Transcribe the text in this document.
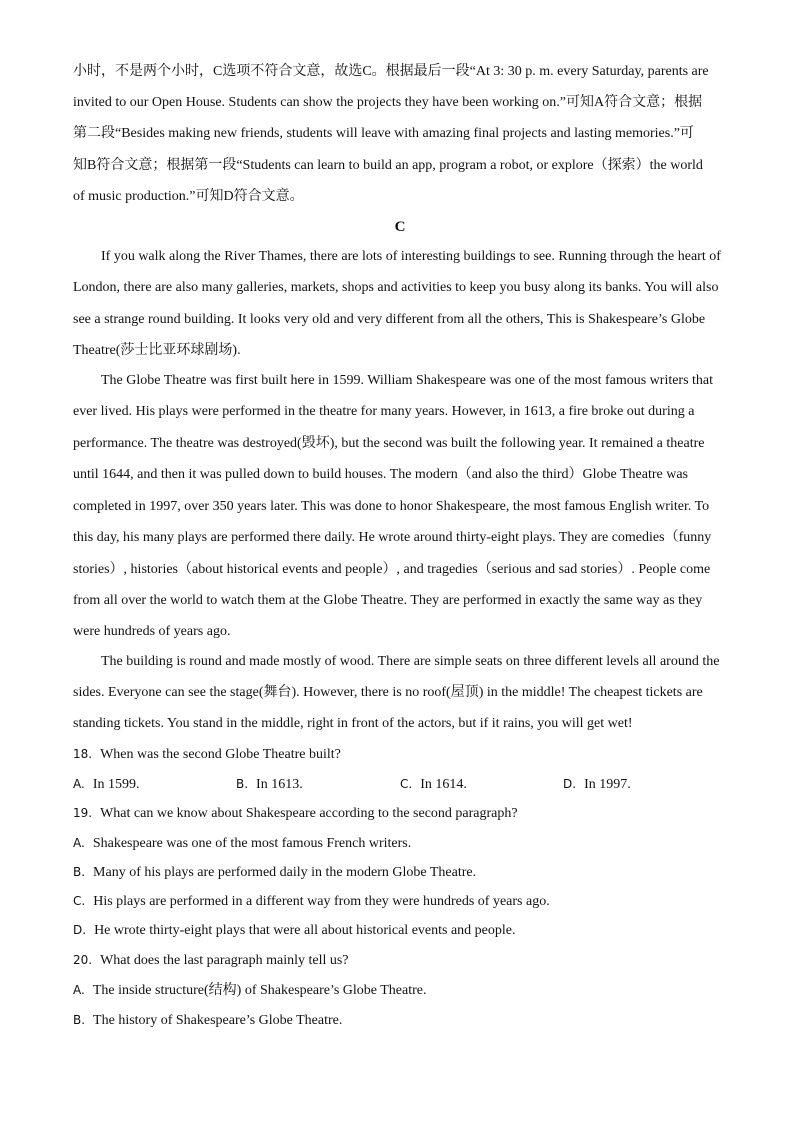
小时，不是两个小时，C选项不符合文意，故选C。根据最后一段“At 3: 30 p. m. every Saturday, parents are
invited to our Open House. Students can show the projects they have been working on.”可知A符合文意；根据
第二段“Besides making new friends, students will leave with amazing final projects and lasting memories.”可
知B符合文意；根据第一段“Students can learn to build an app, program a robot, or explore（探索）the world
of music production.”可知D符合文意。
C
If you walk along the River Thames, there are lots of interesting buildings to see. Running through the heart of
London, there are also many galleries, markets, shops and activities to keep you busy along its banks. You will also
see a strange round building. It looks very old and very different from all the others, This is Shakespeare’s Globe
Theatre(莎士比亚环球剧场).
The Globe Theatre was first built here in 1599. William Shakespeare was one of the most famous writers that
ever lived. His plays were performed in the theatre for many years. However, in 1613, a fire broke out during a
performance. The theatre was destroyed(毁坏), but the second was built the following year. It remained a theatre
until 1644, and then it was pulled down to build houses. The modern（and also the third）Globe Theatre was
completed in 1997, over 350 years later. This was done to honor Shakespeare, the most famous English writer. To
this day, his many plays are performed there daily. He wrote around thirty-eight plays. They are comedies（funny
stories）, histories（about historical events and people）, and tragedies（serious and sad stories）. People come
from all over the world to watch them at the Globe Theatre. They are performed in exactly the same way as they
were hundreds of years ago.
The building is round and made mostly of wood. There are simple seats on three different levels all around the
sides. Everyone can see the stage(舞台). However, there is no roof(屋顶) in the middle! The cheapest tickets are
standing tickets. You stand in the middle, right in front of the actors, but if it rains, you will get wet!
18. When was the second Globe Theatre built?
A. In 1599.	B. In 1613.	C. In 1614.	D. In 1997.
19. What can we know about Shakespeare according to the second paragraph?
A. Shakespeare was one of the most famous French writers.
B. Many of his plays are performed daily in the modern Globe Theatre.
C. His plays are performed in a different way from they were hundreds of years ago.
D. He wrote thirty-eight plays that were all about historical events and people.
20. What does the last paragraph mainly tell us?
A. The inside structure(结构) of Shakespeare’s Globe Theatre.
B. The history of Shakespeare’s Globe Theatre.
